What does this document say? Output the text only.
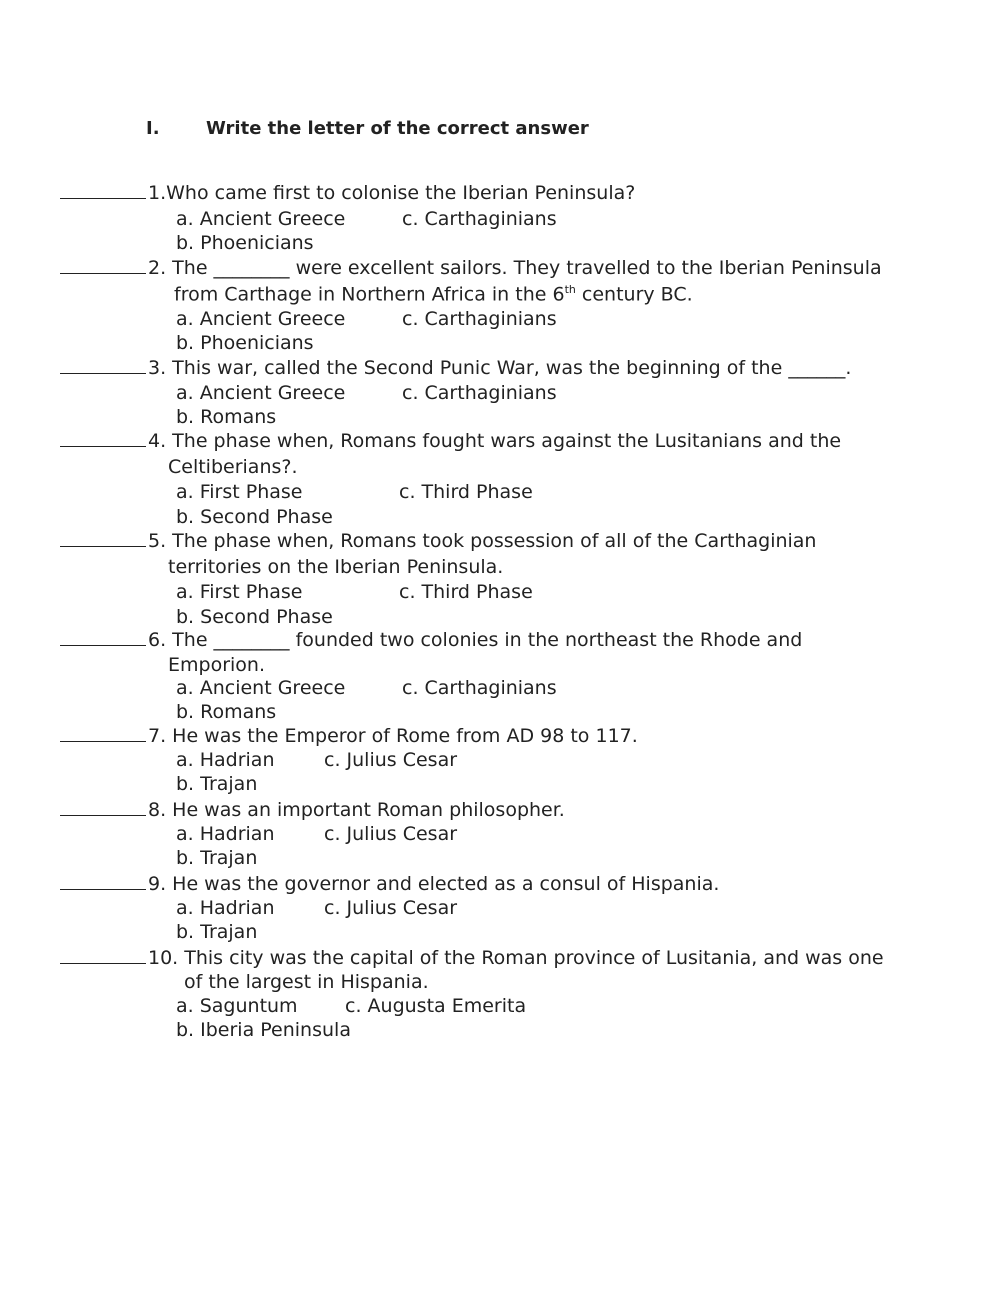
I.	Write the letter of the correct answer
1.Who came first to colonise the Iberian Peninsula?
a. Ancient Greece	c. Carthaginians
b. Phoenicians
2. The ________ were excellent sailors. They travelled to the Iberian Peninsula
from Carthage in Northern Africa in the 6th century BC.
a. Ancient Greece	c. Carthaginians
b. Phoenicians
3. This war, called the Second Punic War, was the beginning of the ______.
a. Ancient Greece	c. Carthaginians
b. Romans
4. The phase when, Romans fought wars against the Lusitanians and the
Celtiberians?.
a. First Phase	c. Third Phase
b. Second Phase
5. The phase when, Romans took possession of all of the Carthaginian
territories on the Iberian Peninsula.
a. First Phase	c. Third Phase
b. Second Phase
6. The ________ founded two colonies in the northeast the Rhode and
Emporion.
a. Ancient Greece	c. Carthaginians
b. Romans
7. He was the Emperor of Rome from AD 98 to 117.
a. Hadrian	c. Julius Cesar
b. Trajan
8. He was an important Roman philosopher.
a. Hadrian	c. Julius Cesar
b. Trajan
9. He was the governor and elected as a consul of Hispania.
a. Hadrian	c. Julius Cesar
b. Trajan
10. This city was the capital of the Roman province of Lusitania, and was one
of the largest in Hispania.
a. Saguntum c. Augusta Emerita
b. Iberia Peninsula
